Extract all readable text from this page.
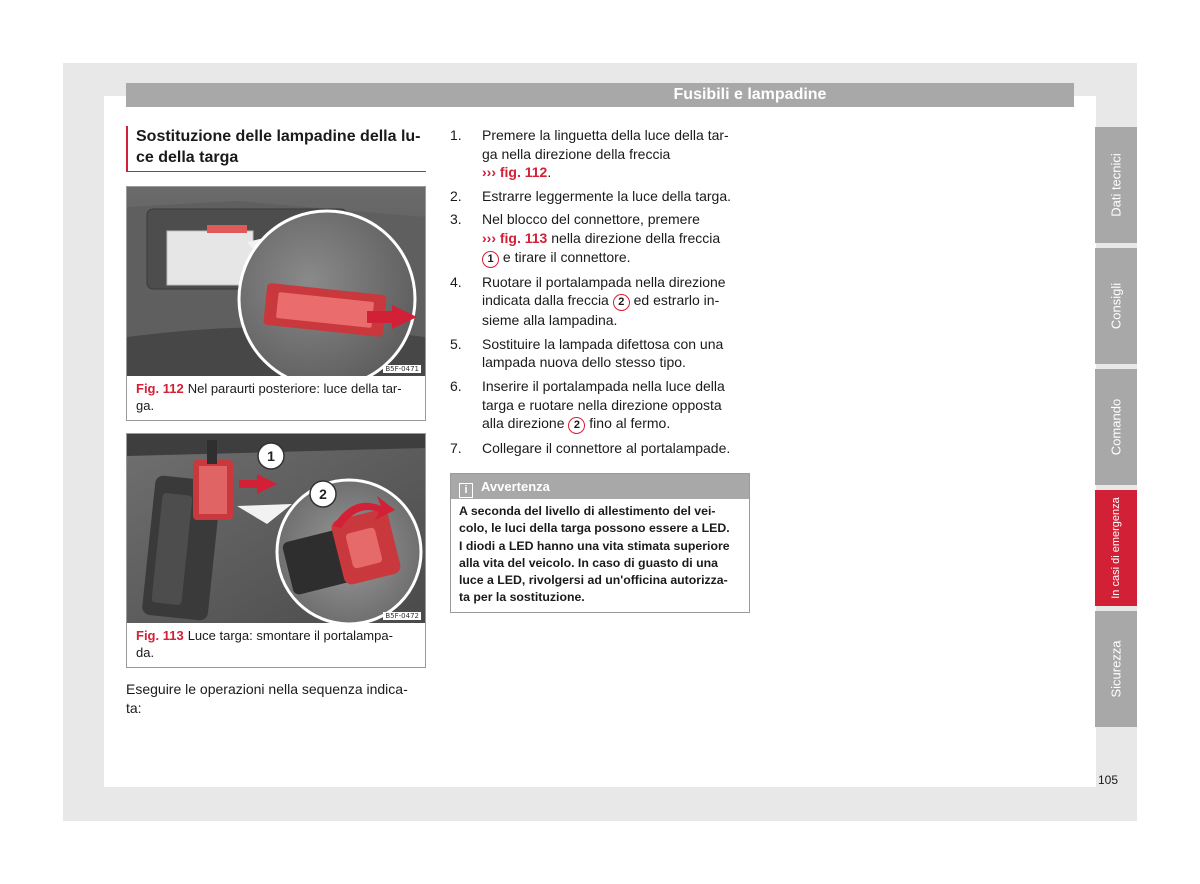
Fusibili e lampadine
Sostituzione delle lampadine della lu-
ce della targa
B5F-0471
Fig. 112 Nel paraurti posteriore: luce della tar-
ga.
1
2
B5F-0472
Fig. 113 Luce targa: smontare il portalampa-
da.
Eseguire le operazioni nella sequenza indica-
ta:
1. Premere la linguetta della luce della tar-
ga nella direzione della freccia
››› fig. 112.
2. Estrarre leggermente la luce della targa.
3. Nel blocco del connettore, premere
››› fig. 113 nella direzione della freccia
1 e tirare il connettore.
4. Ruotare il portalampada nella direzione
indicata dalla freccia 2 ed estrarlo in-
sieme alla lampadina.
5. Sostituire la lampada difettosa con una
lampada nuova dello stesso tipo.
6. Inserire il portalampada nella luce della
targa e ruotare nella direzione opposta
alla direzione 2 fino al fermo.
7. Collegare il connettore al portalampade.
i Avvertenza
A seconda del livello di allestimento del vei-
colo, le luci della targa possono essere a LED.
I diodi a LED hanno una vita stimata superiore
alla vita del veicolo. In caso di guasto di una
luce a LED, rivolgersi ad un'officina autorizza-
ta per la sostituzione.
Dati tecnici
Consigli
Comando
In casi di emergenza
Sicurezza
105
